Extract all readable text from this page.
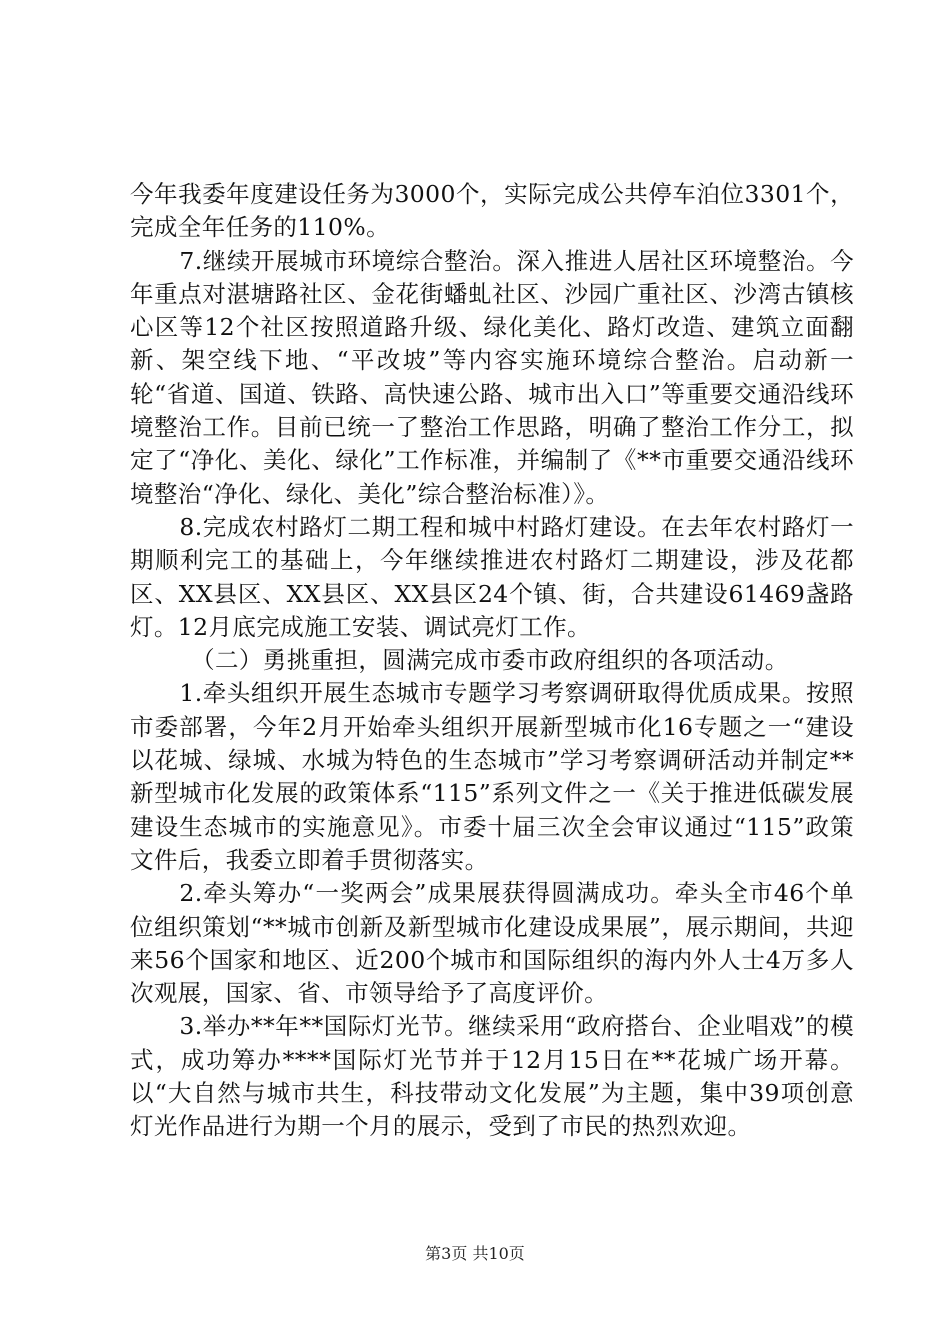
今年我委年度建设任务为3000个，实际完成公共停车泊位3301个，完成全年任务的110%。

7.继续开展城市环境综合整治。深入推进人居社区环境整治。今年重点对湛塘路社区、金花街蟠虬社区、沙园广重社区、沙湾古镇核心区等12个社区按照道路升级、绿化美化、路灯改造、建筑立面翻新、架空线下地、“平改坡”等内容实施环境综合整治。启动新一轮“省道、国道、铁路、高快速公路、城市出入口”等重要交通沿线环境整治工作。目前已统一了整治工作思路，明确了整治工作分工，拟定了“净化、美化、绿化”工作标准，并编制了《**市重要交通沿线环境整治“净化、绿化、美化”综合整治标准）》。

8.完成农村路灯二期工程和城中村路灯建设。在去年农村路灯一期顺利完工的基础上，今年继续推进农村路灯二期建设，涉及花都区、XX县区、XX县区、XX县区24个镇、街，合共建设61469盏路灯。12月底完成施工安装、调试亮灯工作。

（二）勇挑重担，圆满完成市委市政府组织的各项活动。

1.牵头组织开展生态城市专题学习考察调研取得优质成果。按照市委部署，今年2月开始牵头组织开展新型城市化16专题之一“建设以花城、绿城、水城为特色的生态城市”学习考察调研活动并制定**新型城市化发展的政策体系“115”系列文件之一《关于推进低碳发展建设生态城市的实施意见》。市委十届三次全会审议通过“115”政策文件后，我委立即着手贯彻落实。

2.牵头筹办“一奖两会”成果展获得圆满成功。牵头全市46个单位组织策划“**城市创新及新型城市化建设成果展”，展示期间，共迎来56个国家和地区、近200个城市和国际组织的海内外人士4万多人次观展，国家、省、市领导给予了高度评价。

3.举办**年**国际灯光节。继续采用“政府搭台、企业唱戏”的模式，成功筹办****国际灯光节并于12月15日在**花城广场开幕。以“大自然与城市共生，科技带动文化发展”为主题，集中39项创意灯光作品进行为期一个月的展示，受到了市民的热烈欢迎。

第3页 共10页
